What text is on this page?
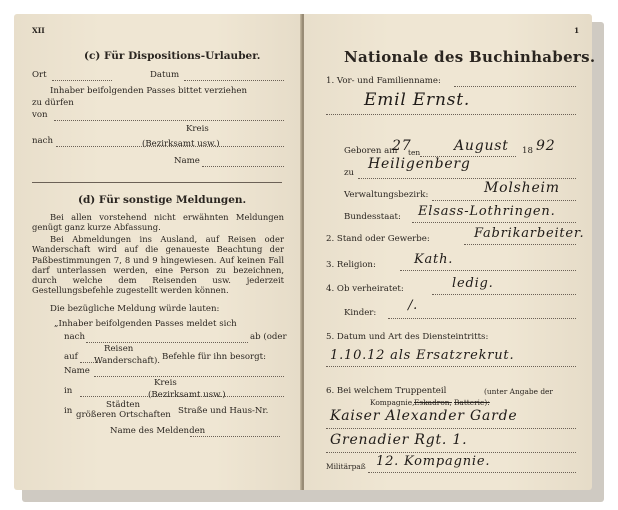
XII
(c) Für Dispositions-Urlauber.
Ort	Datum
Inhaber beifolgenden Passes bittet verziehen
zu dürfen
von
Kreis
nach	(Bezirksamt usw.)
Name
(d) Für sonstige Meldungen.
Bei allen vorstehend nicht erwähnten Meldungen genügt ganz kurze Abfassung.
Bei Abmeldungen ins Ausland, auf Reisen oder Wanderschaft wird auf die genaueste Beachtung der Paßbestimmungen 7, 8 und 9 hingewiesen. Auf keinen Fall darf unterlassen werden, eine Person zu bezeichnen, durch welche dem Reisenden usw. jederzeit Gestellungsbefehle zugestellt werden können.
Die bezügliche Meldung würde lauten:
„Inhaber beifolgenden Passes meldet sich
nach	ab (oder
Reisen
auf Wanderschaft). Befehle für ihn besorgt:
Name
Kreis
in	(Bezirksamt usw.)
Städten
in größeren Ortschaften Straße und Haus-Nr.
Name des Meldenden
1
Nationale des Buchinhabers.
1. Vor- und Familienname:
Emil Ernst.
Geboren am
27
ten August 18 92
zu
Heiligenberg
Verwaltungsbezirk:	Molsheim
Bundesstaat: Elsass-Lothringen.
2. Stand oder Gewerbe:	Fabrikarbeiter.
3. Religion:	Kath.
4. Ob verheiratet:	ledig.
Kinder: /.
5. Datum und Art des Diensteintritts:
1.10.12 als Ersatzrekrut.
6. Bei welchem Truppenteil	(unter Angabe der
Kompagnie, Eskadron, Batterie):
Kaiser Alexander Garde
Grenadier Rgt. 1.
Militärpaß 12. Kompagnie.
